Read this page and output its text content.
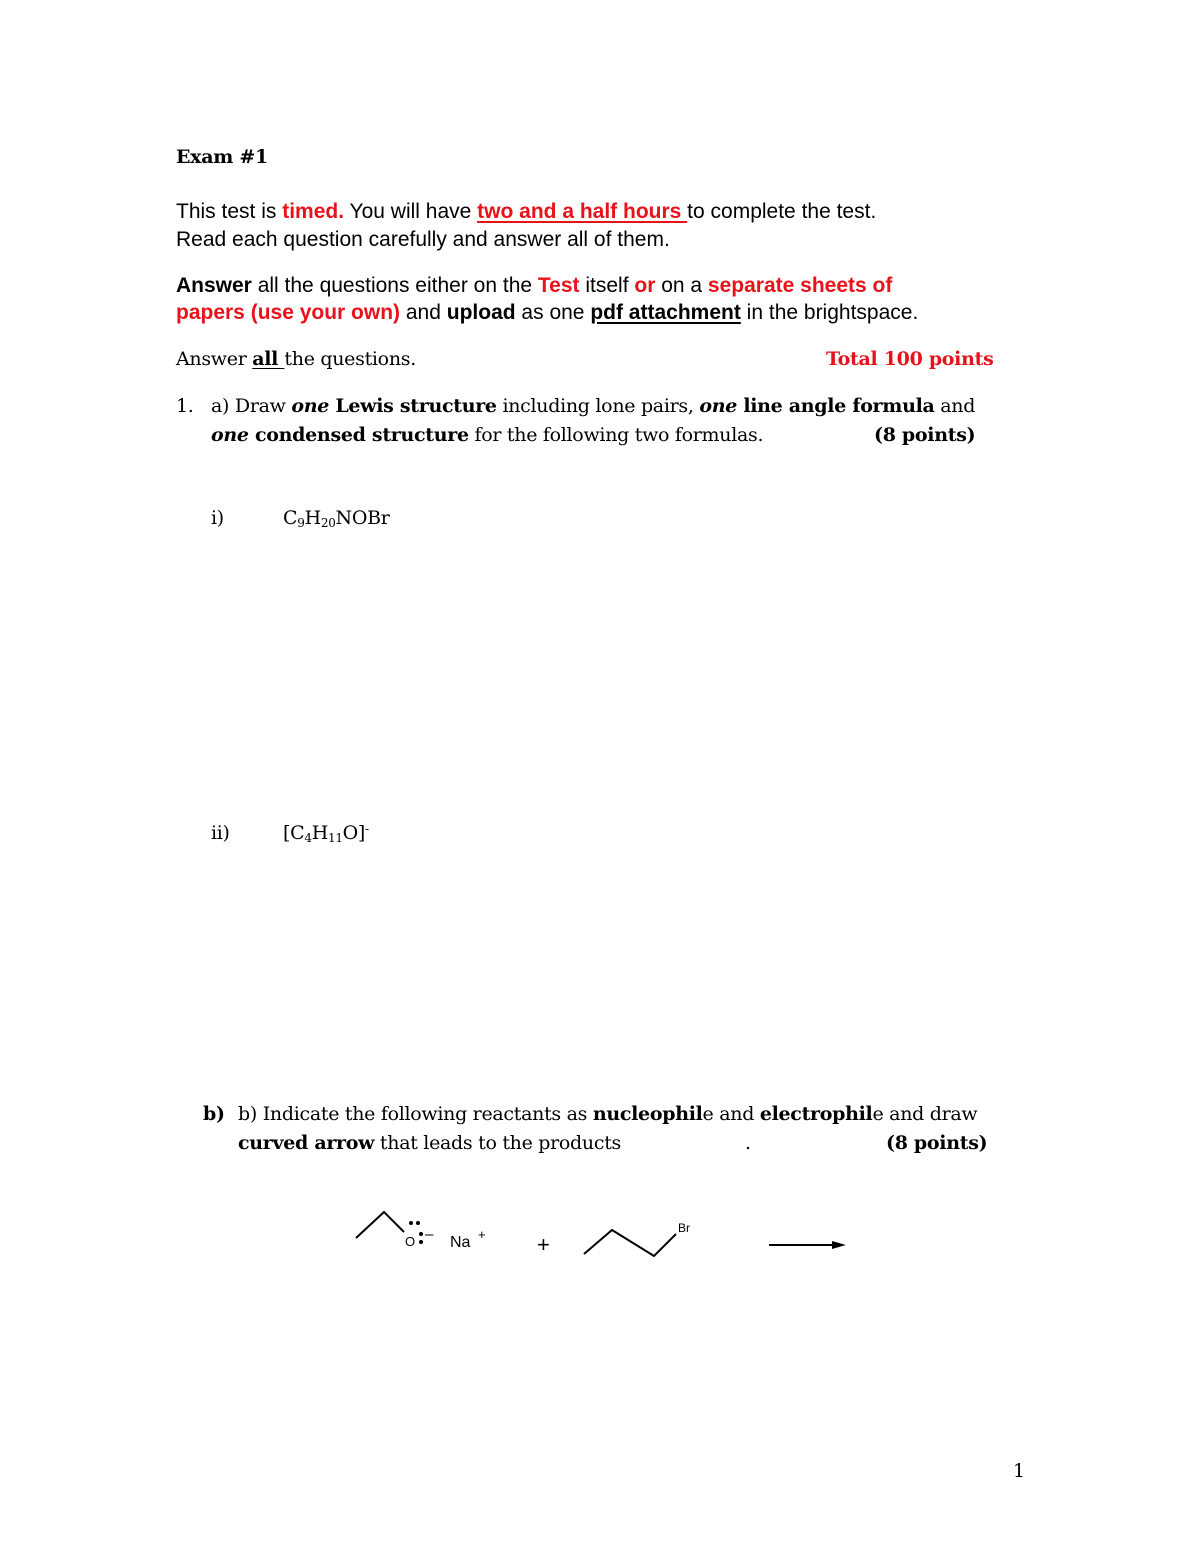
Exam #1
This test is timed. You will have two and a half hours to complete the test.
Read each question carefully and answer all of them.
Answer all the questions either on the Test itself or on a separate sheets of
papers (use your own) and upload as one pdf attachment in the brightspace.
Answer all the questions.	Total 100 points
1. a) Draw one Lewis structure including lone pairs, one line angle formula and
one condensed structure for the following two formulas.	(8 points)
i)	$C_9H_{20}NOBr$
ii)	$[C_4H_{11}O]^-$
b) b) Indicate the following reactants as nucleophile and electrophile and draw
curved arrow that leads to the products	.	(8 points)
O – Na + +
Br
1
